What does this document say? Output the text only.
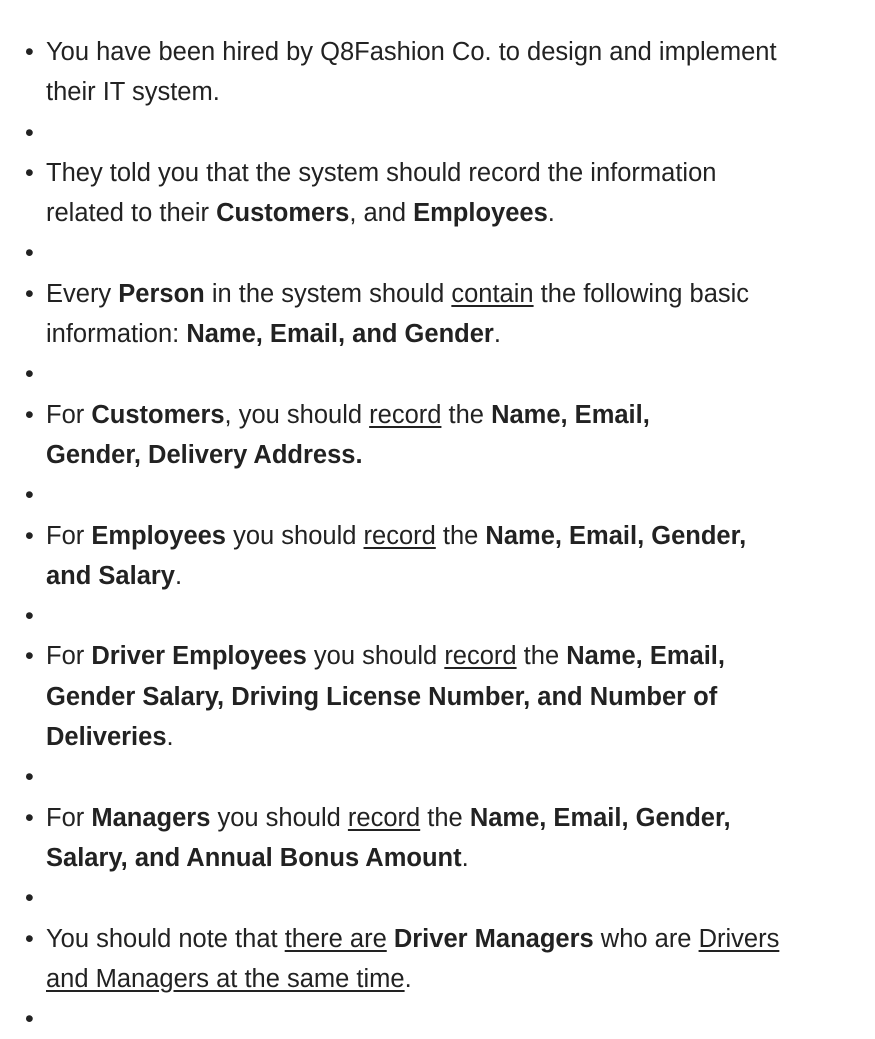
• You have been hired by Q8Fashion Co. to design and implement
their IT system.
•
• They told you that the system should record the information
related to their Customers, and Employees.
•
• Every Person in the system should contain the following basic
information: Name, Email, and Gender.
•
• For Customers, you should record the Name, Email,
Gender, Delivery Address.
•
• For Employees you should record the Name, Email, Gender,
and Salary.
•
• For Driver Employees you should record the Name, Email,
Gender Salary, Driving License Number, and Number of
Deliveries.
•
• For Managers you should record the Name, Email, Gender,
Salary, and Annual Bonus Amount.
•
• You should note that there are Driver Managers who are Drivers
and Managers at the same time.
•
